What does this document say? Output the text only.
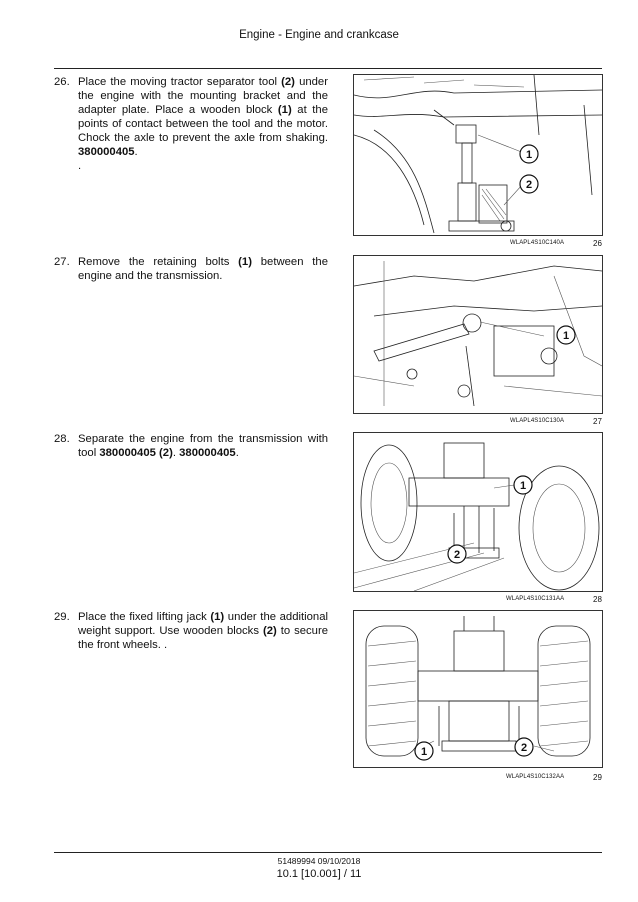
Engine - Engine and crankcase
26. Place the moving tractor separator tool (2) under the engine with the mounting bracket and the adapter plate. Place a wooden block (1) at the points of contact between the tool and the motor. Chock the axle to prevent the axle from shaking. 380000405.
.
1
2
WLAPL4S10C140A	26
27. Remove the retaining bolts (1) between the engine and the transmission.
1
WLAPL4S10C130A	27
28. Separate the engine from the transmission with tool 380000405 (2). 380000405.
1
2
WLAPL4S10C131AA	28
29. Place the fixed lifting jack (1) under the additional weight support. Use wooden blocks (2) to secure the front wheels. .
1	2
WLAPL4S10C132AA	29
51489994 09/10/2018
10.1 [10.001] / 11
